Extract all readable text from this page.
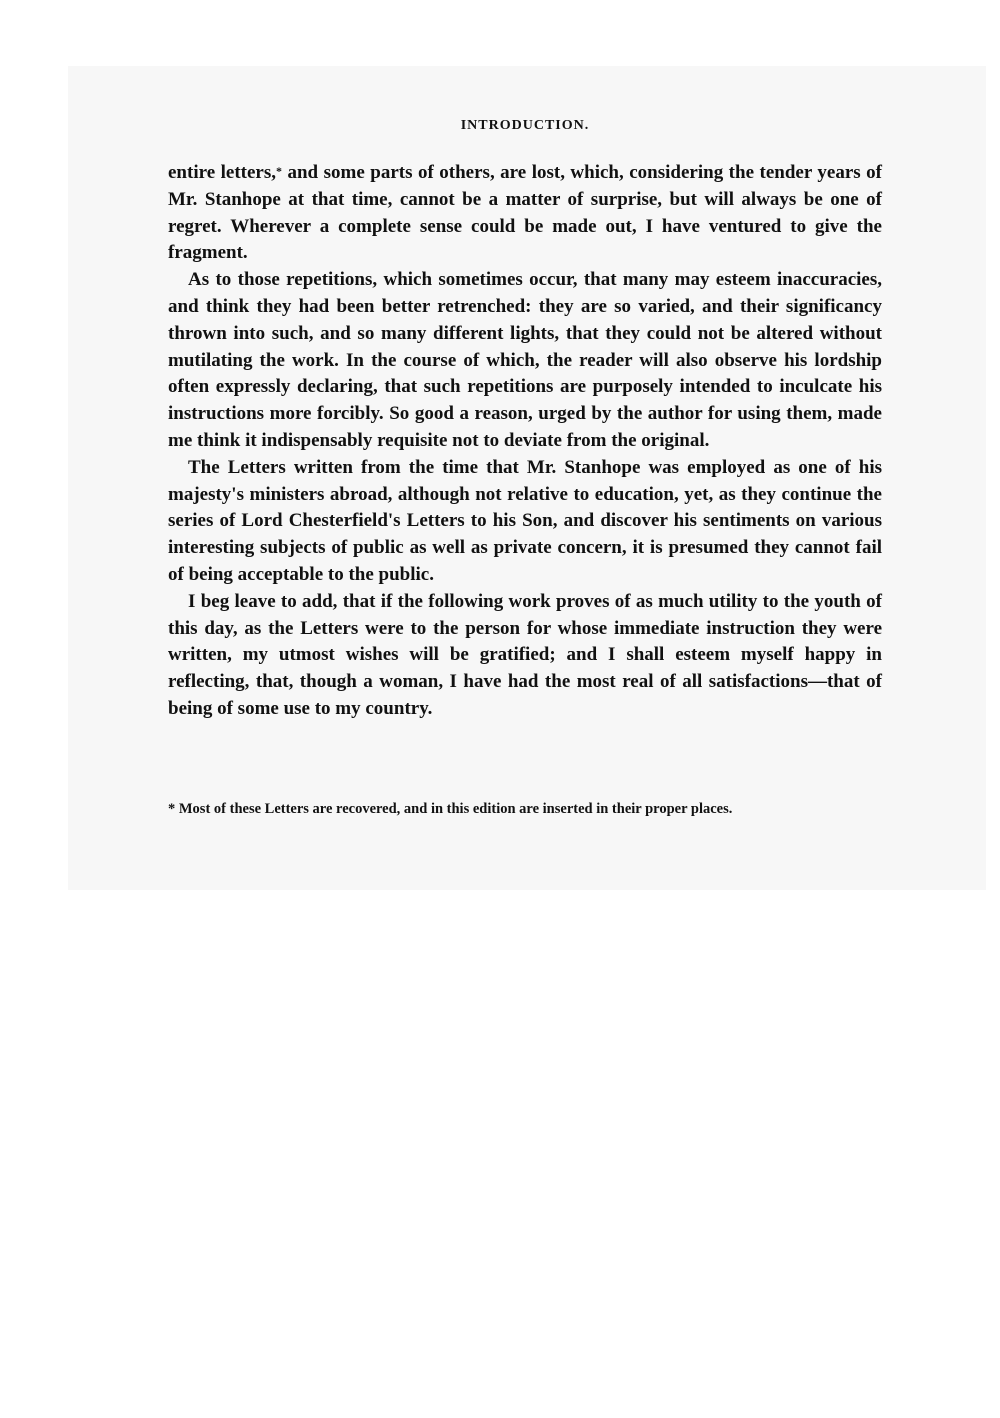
INTRODUCTION.

entire letters,* and some parts of others, are lost, which, considering the tender years of Mr. Stanhope at that time, cannot be a matter of surprise, but will always be one of regret. Wherever a complete sense could be made out, I have ventured to give the fragment.

As to those repetitions, which sometimes occur, that many may esteem inaccuracies, and think they had been better retrenched: they are so varied, and their significancy thrown into such, and so many different lights, that they could not be altered without mutilating the work. In the course of which, the reader will also observe his lordship often expressly declaring, that such repetitions are purposely intended to inculcate his instructions more forcibly. So good a reason, urged by the author for using them, made me think it indispensably requisite not to deviate from the original.

The Letters written from the time that Mr. Stanhope was employed as one of his majesty's ministers abroad, although not relative to education, yet, as they continue the series of Lord Chesterfield's Letters to his Son, and discover his sentiments on various interesting subjects of public as well as private concern, it is presumed they cannot fail of being acceptable to the public.

I beg leave to add, that if the following work proves of as much utility to the youth of this day, as the Letters were to the person for whose immediate instruction they were written, my utmost wishes will be gratified; and I shall esteem myself happy in reflecting, that, though a woman, I have had the most real of all satisfactions—that of being of some use to my country.

* Most of these Letters are recovered, and in this edition are inserted in their proper places.
